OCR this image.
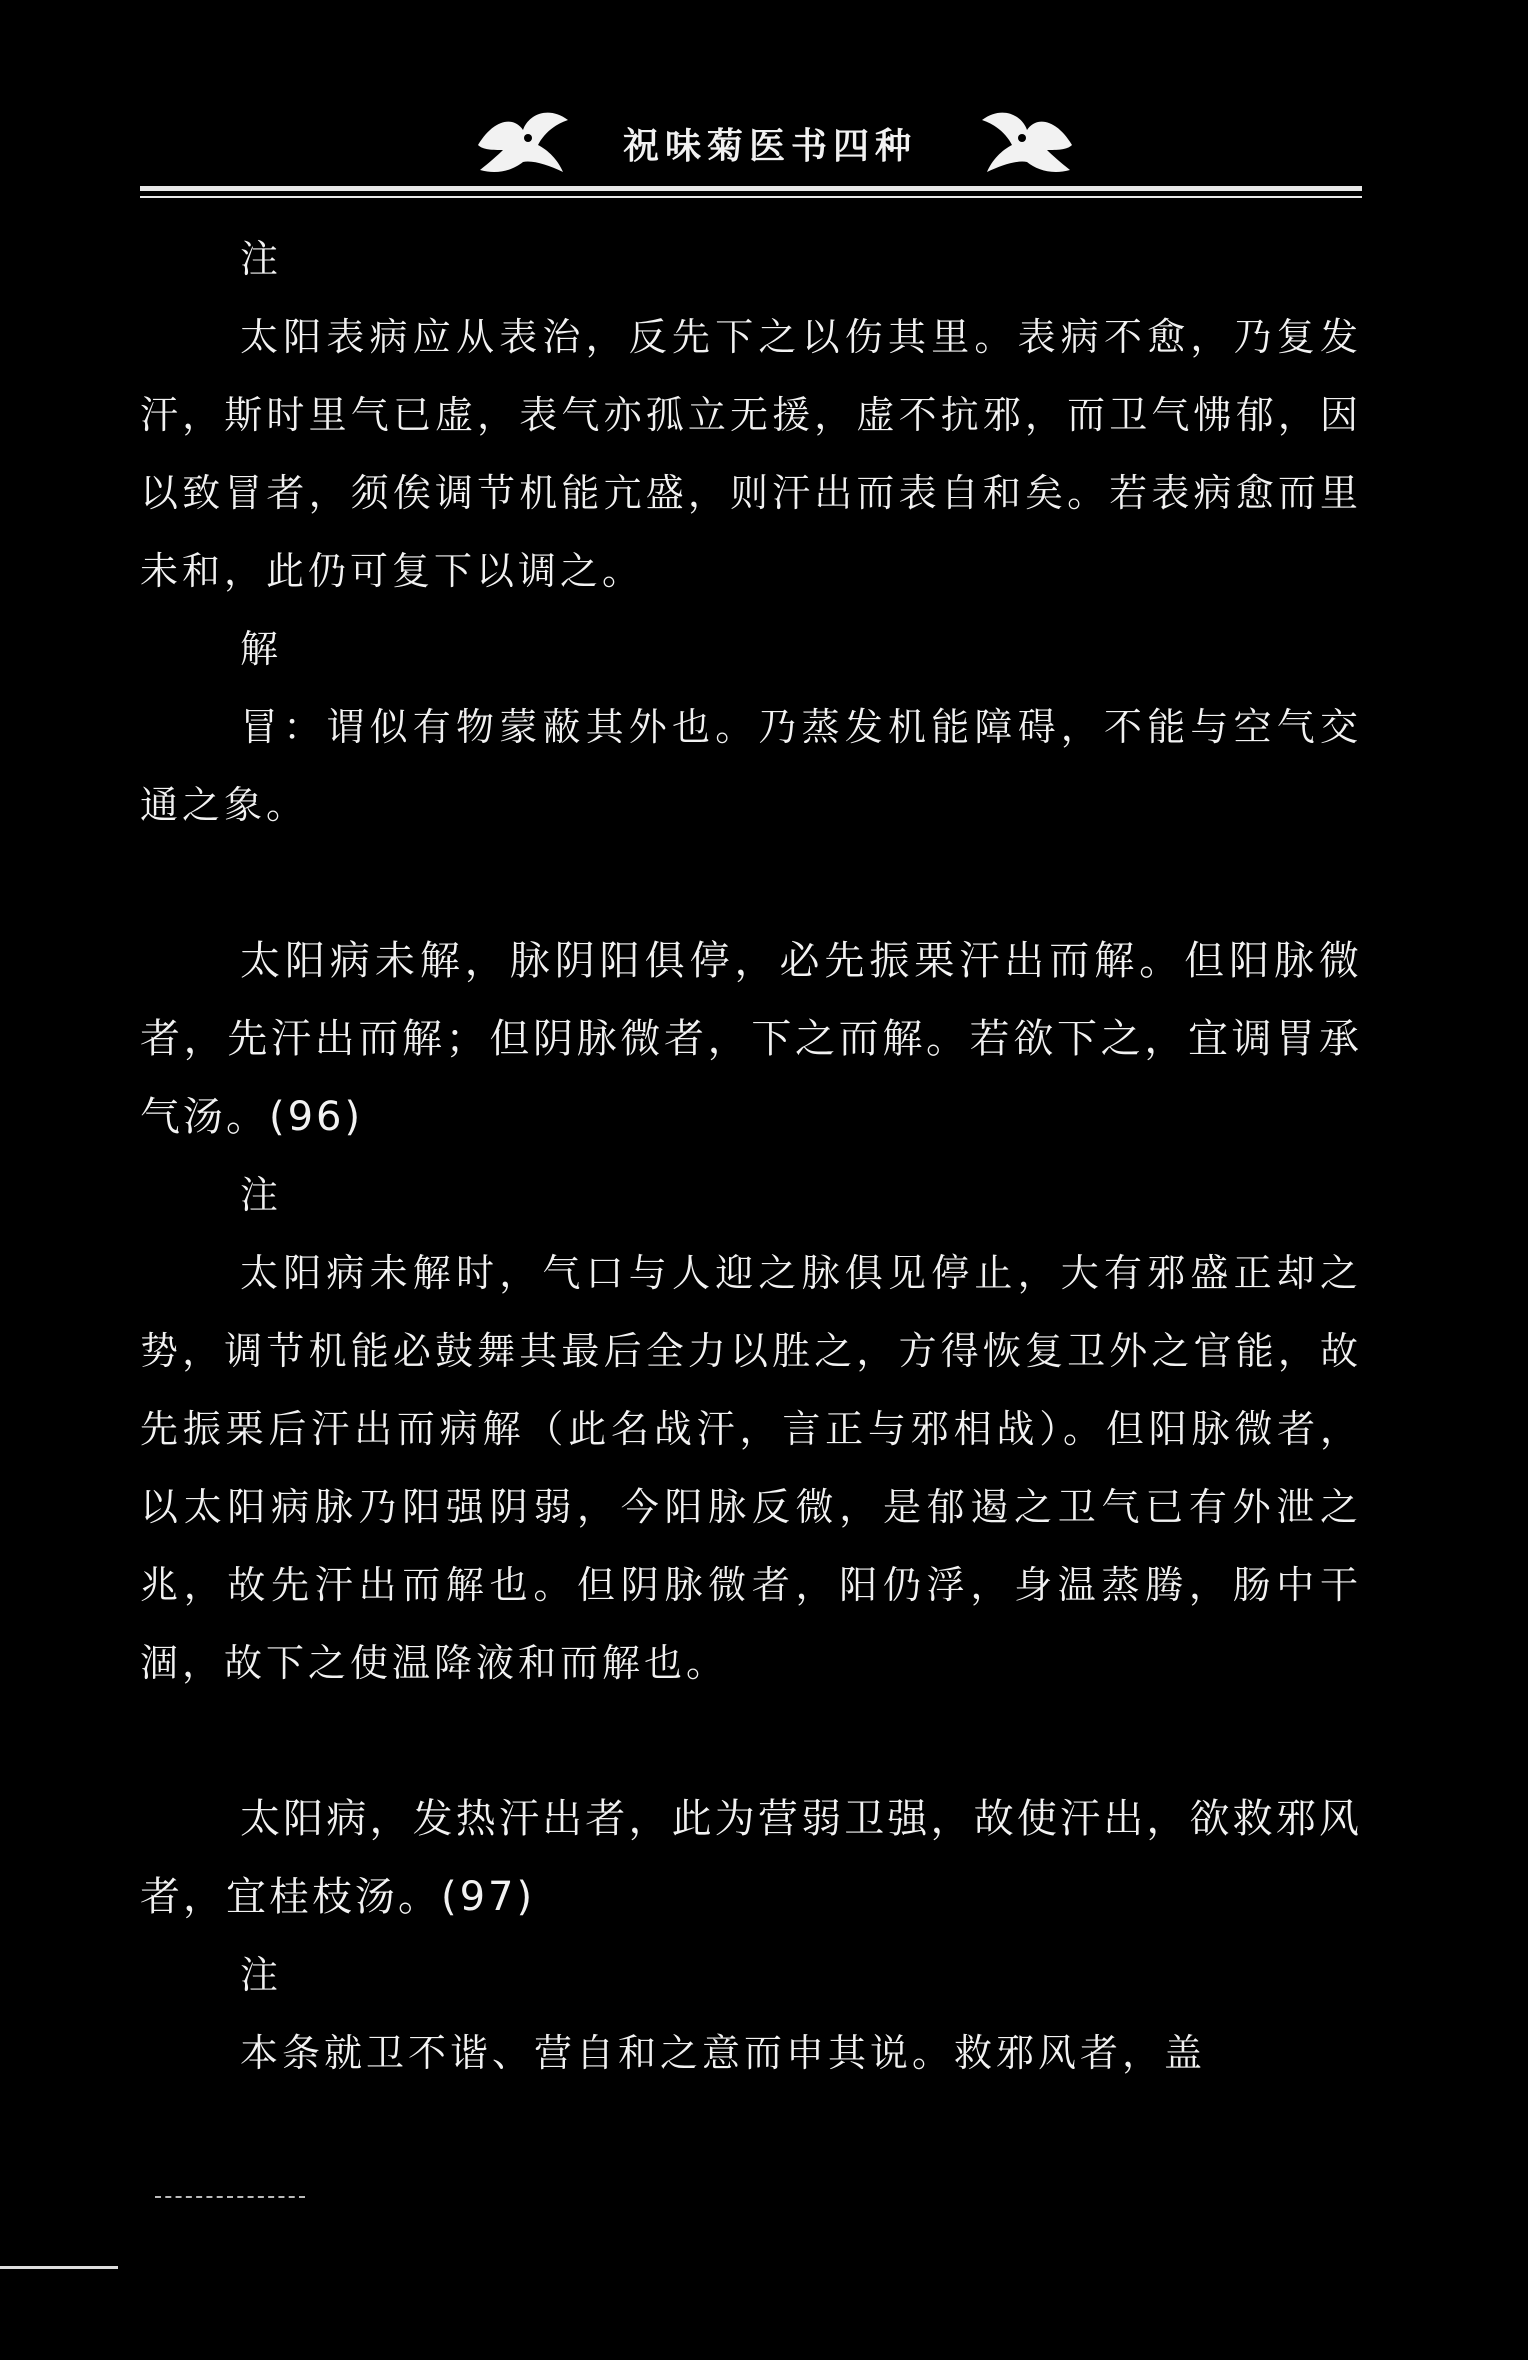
祝味菊医书四种
注

太阳表病应从表治，反先下之以伤其里。表病不愈，乃复发汗，斯时里气已虚，表气亦孤立无援，虚不抗邪，而卫气怫郁，因以致冒者，须俟调节机能亢盛，则汗出而表自和矣。若表病愈而里未和，此仍可复下以调之。

解

冒：谓似有物蒙蔽其外也。乃蒸发机能障碍，不能与空气交通之象。

太阳病未解，脉阴阳俱停，必先振栗汗出而解。但阳脉微者，先汗出而解；但阴脉微者，下之而解。若欲下之，宜调胃承气汤。(96)

注

太阳病未解时，气口与人迎之脉俱见停止，大有邪盛正却之势，调节机能必鼓舞其最后全力以胜之，方得恢复卫外之官能，故先振栗后汗出而病解（此名战汗，言正与邪相战）。但阳脉微者，以太阳病脉乃阳强阴弱，今阳脉反微，是郁遏之卫气已有外泄之兆，故先汗出而解也。但阴脉微者，阳仍浮，身温蒸腾，肠中干涸，故下之使温降液和而解也。

太阳病，发热汗出者，此为营弱卫强，故使汗出，欲救邪风者，宜桂枝汤。(97)

注

本条就卫不谐、营自和之意而申其说。救邪风者，盖
